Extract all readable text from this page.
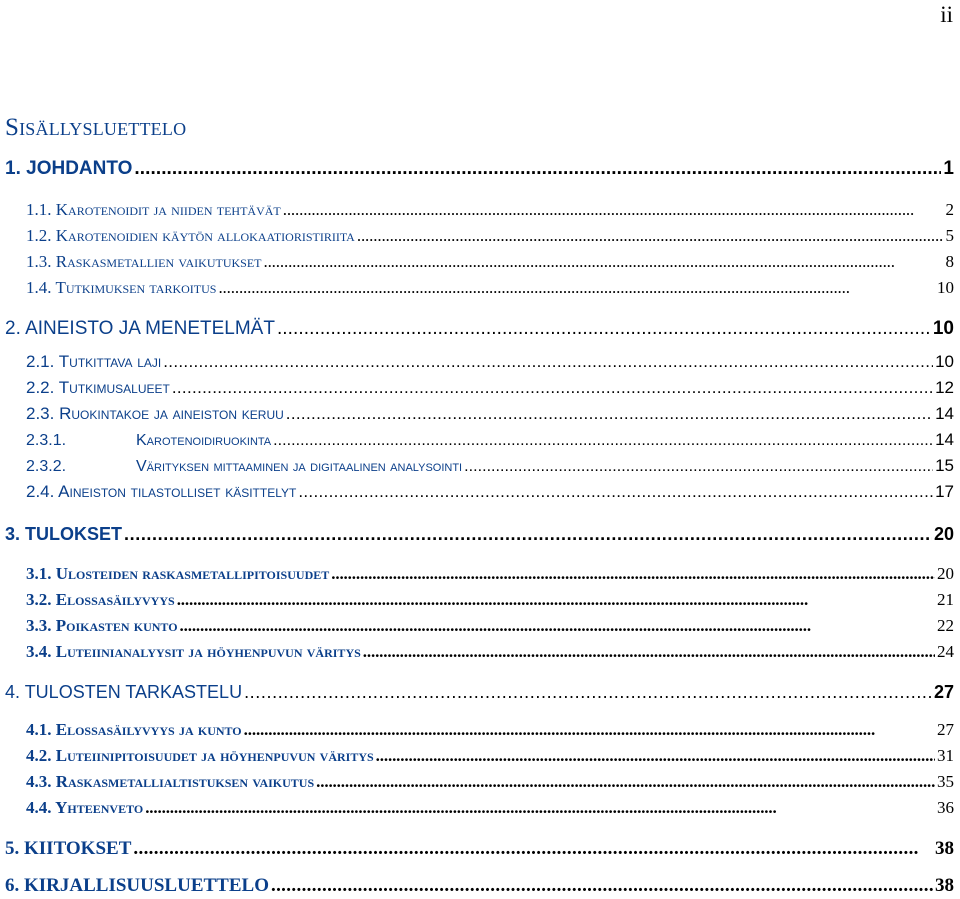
ii
Sisällysluettelo
1. JOHDANTO . . .	1
1.1. Karotenoidit ja niiden tehtävät . . .	2
1.2. Karotenoidien käytön allokaatioristiriita . . .	5
1.3. Raskasmetallien vaikutukset . . .	8
1.4. Tutkimuksen tarkoitus . . .	10
2. AINEISTO JA MENETELMÄT . . .	10
2.1. Tutkittava laji . . .	10
2.2. Tutkimusalueet . . .	12
2.3. Ruokintakoe ja aineiston keruu . . .	14
2.3.1.	Karotenoidiruokinta . . .	14
2.3.2.	Värityksen mittaaminen ja digitaalinen analysointi . . .	15
2.4. Aineiston tilastolliset käsittelyt . . .	17
3. TULOKSET . . .	20
3.1. Ulosteiden raskasmetallipitoisuudet . . .	20
3.2. Elossasäilyvyys . . .	21
3.3. Poikasten kunto . . .	22
3.4. Luteiinianalyysit ja höyhenpuvun väritys . . .	24
4. TULOSTEN TARKASTELU . . .	27
4.1. Elossasäilyvyys ja kunto . . .	27
4.2. Luteiinipitoisuudet ja höyhenpuvun väritys . . .	31
4.3. Raskasmetallialtistuksen vaikutus . . .	35
4.4. Yhteenveto . . .	36
5. KIITOKSET . . .	38
6. KIRJALLISUUSLUETTELO . . .	38
